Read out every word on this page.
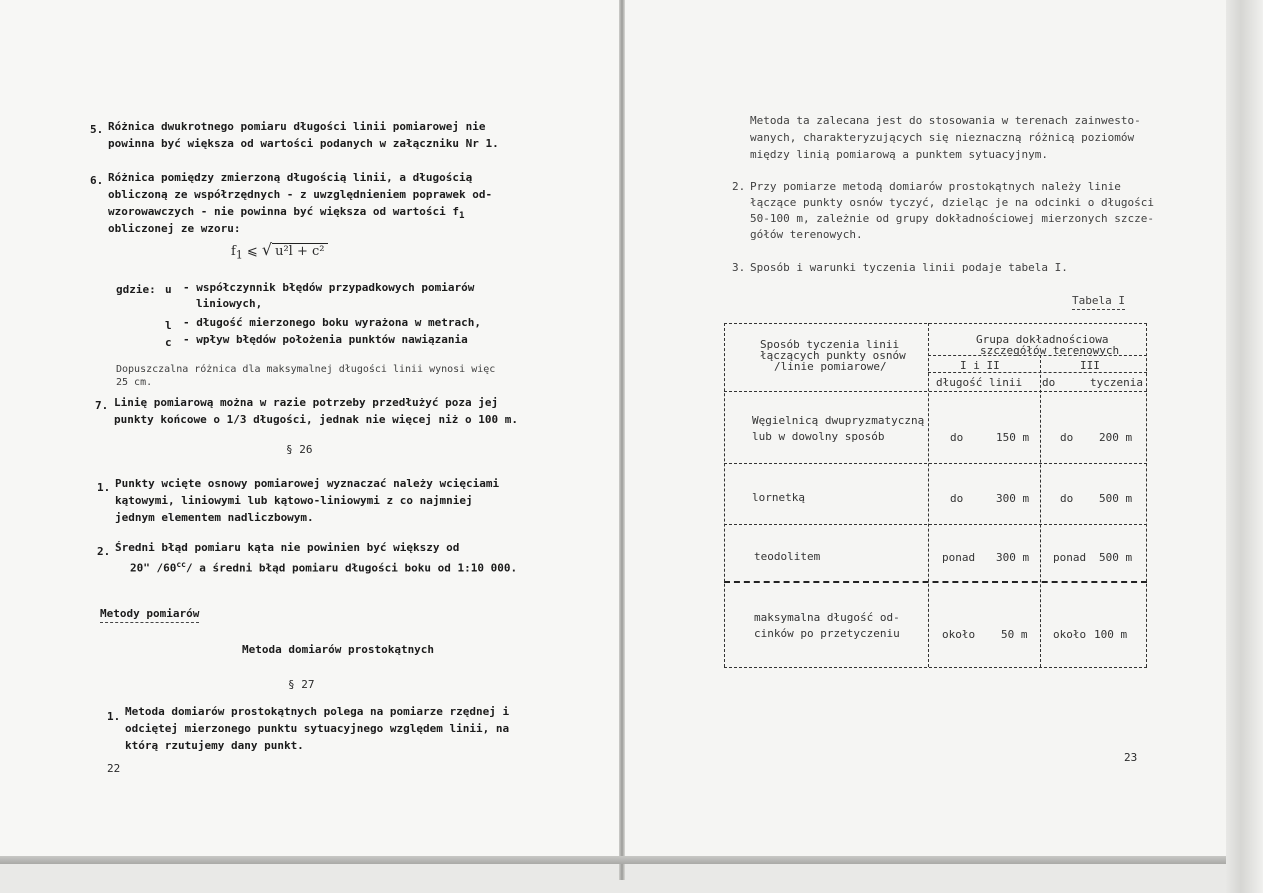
5. Różnica dwukrotnego pomiaru długości linii pomiarowej nie
powinna być większa od wartości podanych w załączniku Nr 1.
6. Różnica pomiędzy zmierzoną długością linii, a długością
obliczoną ze współrzędnych - z uwzględnieniem poprawek od-
wzorowawczych - nie powinna być większa od wartości $f_1$
obliczonej ze wzoru:
$f_1$ ⩽ √ u²l + c²
gdzie: u - współczynnik błędów przypadkowych pomiarów
liniowych,
l - długość mierzonego boku wyrażona w metrach,
c - wpływ błędów położenia punktów nawiązania
Dopuszczalna różnica dla maksymalnej długości linii wynosi więc
25 cm.
7. Linię pomiarową można w razie potrzeby przedłużyć poza jej
punkty końcowe o 1/3 długości, jednak nie więcej niż o 100 m.
§ 26
1. Punkty wcięte osnowy pomiarowej wyznaczać należy wcięciami
kątowymi, liniowymi lub kątowo-liniowymi z co najmniej
jednym elementem nadliczbowym.
2. Średni błąd pomiaru kąta nie powinien być większy od
20" $/60^{cc}/$ a średni błąd pomiaru długości boku od 1:10 000.
Metody pomiarów
Metoda domiarów prostokątnych
§ 27
1. Metoda domiarów prostokątnych polega na pomiarze rzędnej i
odciętej mierzonego punktu sytuacyjnego względem linii, na
którą rzutujemy dany punkt.
22
Metoda ta zalecana jest do stosowania w terenach zainwesto-
wanych, charakteryzujących się nieznaczną różnicą poziomów
między linią pomiarową a punktem sytuacyjnym.
2. Przy pomiarze metodą domiarów prostokątnych należy linie
łączące punkty osnów tyczyć, dzieląc je na odcinki o długości
50-100 m, zależnie od grupy dokładnościowej mierzonych szcze-
gółów terenowych.
3. Sposób i warunki tyczenia linii podaje tabela I.
Tabela I
Sposób tyczenia linii
łączących punkty osnów
/linie pomiarowe/
Grupa dokładnościowa
szczegółów terenowych
I i II	III
długość linii do	tyczenia
Węgielnicą dwupryzmatyczną
lub w dowolny sposób	do	150 m	do 200 m
lornetką	do	300 m	do 500 m
teodolitem	ponad 300 m ponad 500 m
maksymalna długość od-
cinków po przetyczeniu	około 50 m około 100 m
23
